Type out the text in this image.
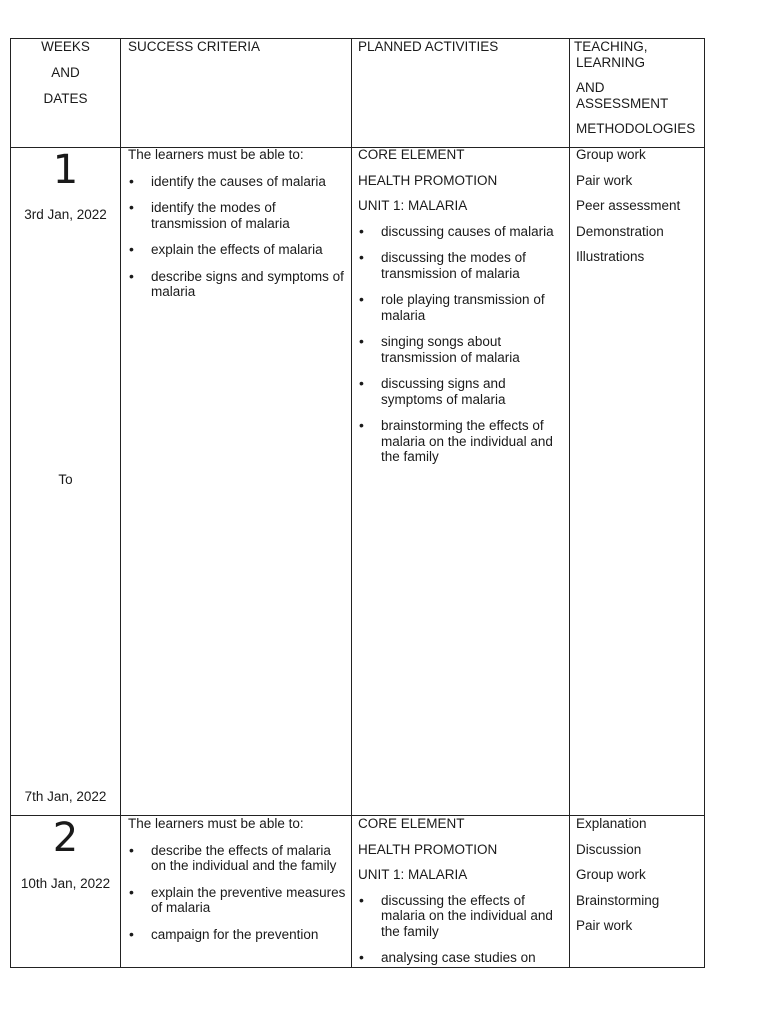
WEEKS

AND

DATES

SUCCESS CRITERIA	PLANNED ACTIVITIES	TEACHING,

LEARNING

AND

ASSESSMENT

METHODOLOGIES

1
3rd Jan, 2022
To
7th Jan, 2022

The learners must be able to:

• identify the causes of malaria
• identify the modes of transmission of malaria
• explain the effects of malaria
• describe signs and symptoms of malaria

CORE ELEMENT

HEALTH PROMOTION

UNIT 1: MALARIA

• discussing causes of malaria
• discussing the modes of transmission of malaria
• role playing transmission of malaria
• singing songs about transmission of malaria
• discussing signs and symptoms of malaria
• brainstorming the effects of malaria on the individual and the family

Group work

Pair work

Peer assessment

Demonstration

Illustrations

2
10th Jan, 2022

The learners must be able to:

• describe the effects of malaria on the individual and the family
• explain the preventive measures of malaria
• campaign for the prevention

CORE ELEMENT

HEALTH PROMOTION

UNIT 1: MALARIA

• discussing the effects of malaria on the individual and the family
• analysing case studies on

Explanation

Discussion

Group work

Brainstorming

Pair work
